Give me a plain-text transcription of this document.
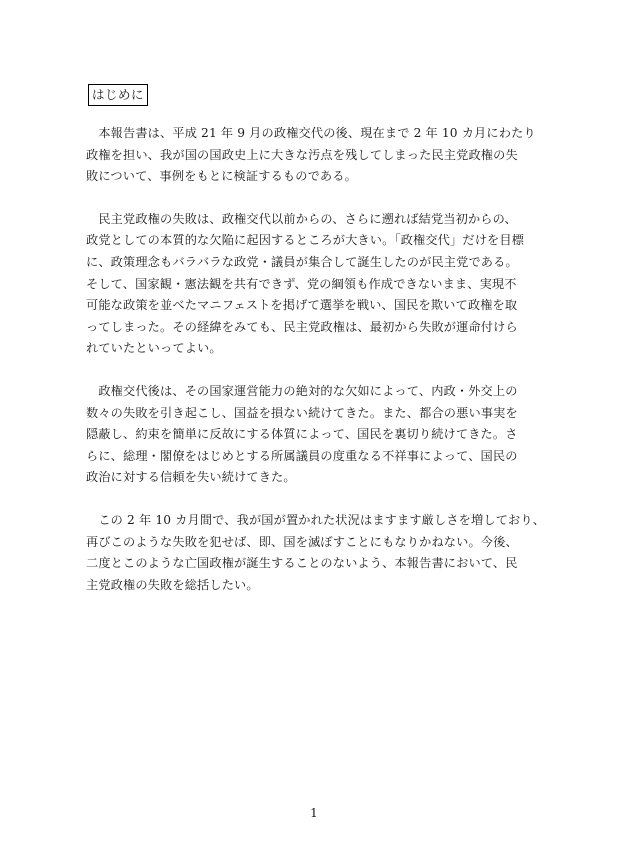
はじめに
　本報告書は、平成 21 年 9 月の政権交代の後、現在まで 2 年 10 カ月にわたり
政権を担い、我が国の国政史上に大きな汚点を残してしまった民主党政権の失
敗について、事例をもとに検証するものである。
　民主党政権の失敗は、政権交代以前からの、さらに遡れば結党当初からの、
政党としての本質的な欠陥に起因するところが大きい。「政権交代」だけを目標
に、政策理念もバラバラな政党・議員が集合して誕生したのが民主党である。
そして、国家観・憲法観を共有できず、党の綱領も作成できないまま、実現不
可能な政策を並べたマニフェストを掲げて選挙を戦い、国民を欺いて政権を取
ってしまった。その経緯をみても、民主党政権は、最初から失敗が運命付けら
れていたといってよい。
　政権交代後は、その国家運営能力の絶対的な欠如によって、内政・外交上の
数々の失敗を引き起こし、国益を損ない続けてきた。また、都合の悪い事実を
隠蔽し、約束を簡単に反故にする体質によって、国民を裏切り続けてきた。さ
らに、総理・閣僚をはじめとする所属議員の度重なる不祥事によって、国民の
政治に対する信頼を失い続けてきた。
　この 2 年 10 カ月間で、我が国が置かれた状況はますます厳しさを増しており、
再びこのような失敗を犯せば、即、国を滅ぼすことにもなりかねない。今後、
二度とこのような亡国政権が誕生することのないよう、本報告書において、民
主党政権の失敗を総括したい。
1
